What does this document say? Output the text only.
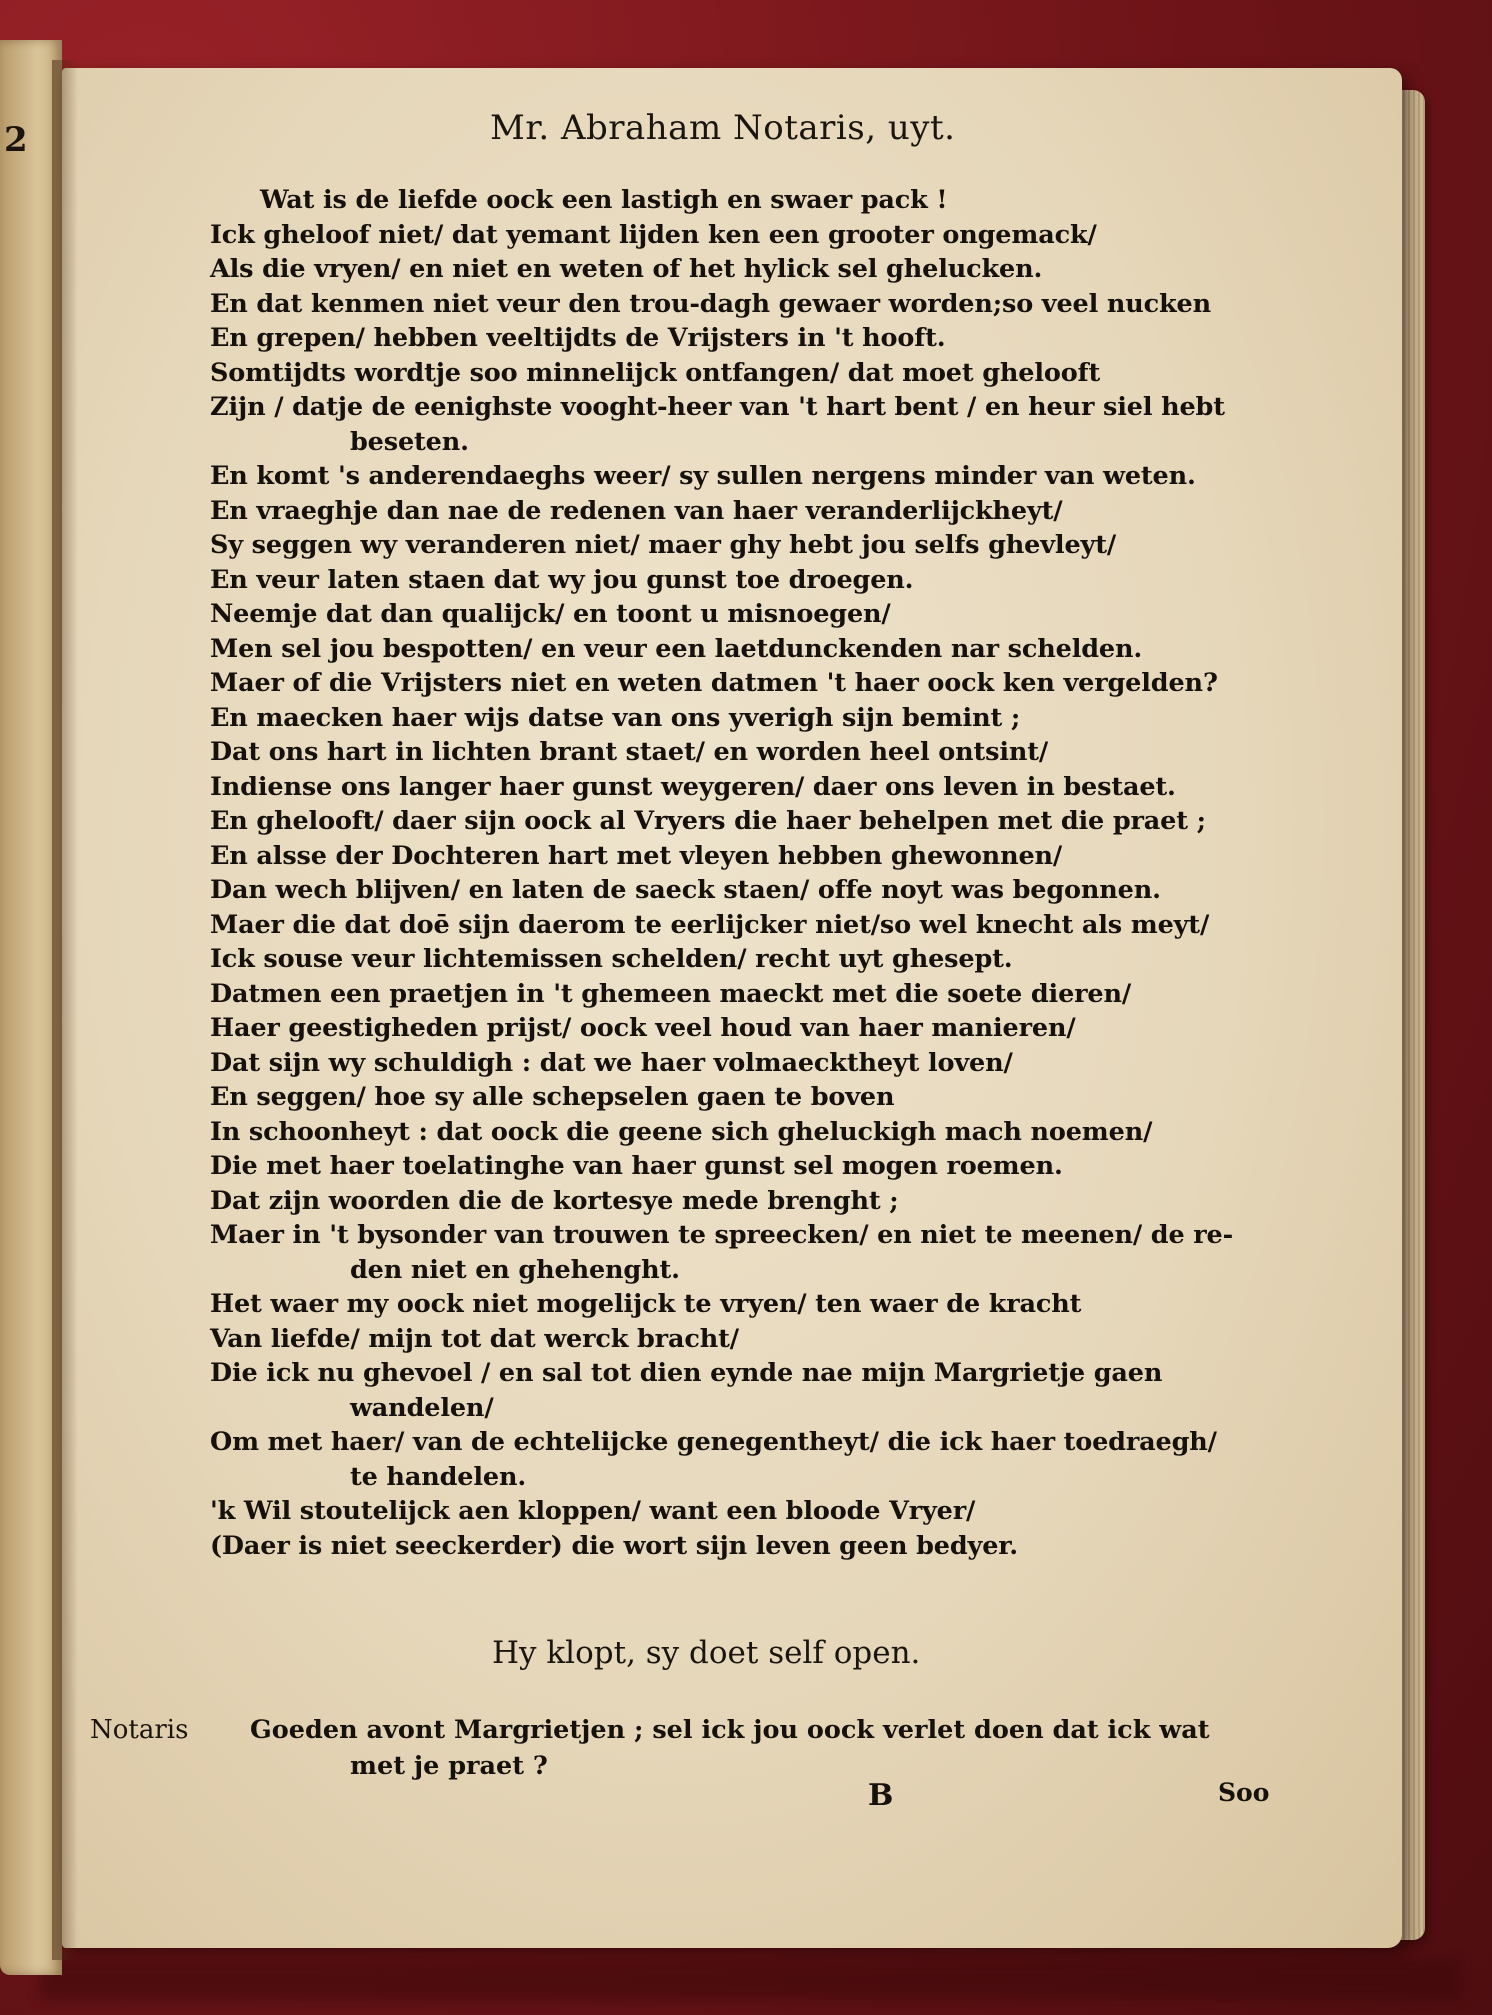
2	Mr. Abraham Notaris, uyt.
Wat is de liefde oock een lastigh en swaer pack !
Ick gheloof niet/ dat yemant lijden ken een grooter ongemack/
Als die vryen/ en niet en weten of het hylick sel ghelucken.
En dat kenmen niet veur den trou-dagh gewaer worden;so veel nucken
En grepen/ hebben veeltijdts de Vrijsters in 't hooft.
Somtijdts wordtje soo minnelijck ontfangen/ dat moet ghelooft
Zijn / datje de eenighste vooght-heer van 't hart bent / en heur siel hebt
beseten.
En komt 's anderendaeghs weer/ sy sullen nergens minder van weten.
En vraeghje dan nae de redenen van haer veranderlijckheyt/
Sy seggen wy veranderen niet/ maer ghy hebt jou selfs ghevleyt/
En veur laten staen dat wy jou gunst toe droegen.
Neemje dat dan qualijck/ en toont u misnoegen/
Men sel jou bespotten/ en veur een laetdunckenden nar schelden.
Maer of die Vrijsters niet en weten datmen 't haer oock ken vergelden?
En maecken haer wijs datse van ons yverigh sijn bemint ;
Dat ons hart in lichten brant staet/ en worden heel ontsint/
Indiense ons langer haer gunst weygeren/ daer ons leven in bestaet.
En ghelooft/ daer sijn oock al Vryers die haer behelpen met die praet ;
En alsse der Dochteren hart met vleyen hebben ghewonnen/
Dan wech blijven/ en laten de saeck staen/ offe noyt was begonnen.
Maer die dat doē sijn daerom te eerlijcker niet/so wel knecht als meyt/
Ick souse veur lichtemissen schelden/ recht uyt ghesept.
Datmen een praetjen in 't ghemeen maeckt met die soete dieren/
Haer geestigheden prijst/ oock veel houd van haer manieren/
Dat sijn wy schuldigh : dat we haer volmaecktheyt loven/
En seggen/ hoe sy alle schepselen gaen te boven
In schoonheyt : dat oock die geene sich gheluckigh mach noemen/
Die met haer toelatinghe van haer gunst sel mogen roemen.
Dat zijn woorden die de kortesye mede brenght ;
Maer in 't bysonder van trouwen te spreecken/ en niet te meenen/ de re-
den niet en ghehenght.
Het waer my oock niet mogelijck te vryen/ ten waer de kracht
Van liefde/ mijn tot dat werck bracht/
Die ick nu ghevoel / en sal tot dien eynde nae mijn Margrietje gaen
wandelen/
Om met haer/ van de echtelijcke genegentheyt/ die ick haer toedraegh/
te handelen.
'k Wil stoutelijck aen kloppen/ want een bloode Vryer/
(Daer is niet seeckerder) die wort sijn leven geen bedyer.
Hy klopt, sy doet self open.
Notaris Goeden avont Margrietjen ; sel ick jou oock verlet doen dat ick wat
met je praet ?
B	Soo
